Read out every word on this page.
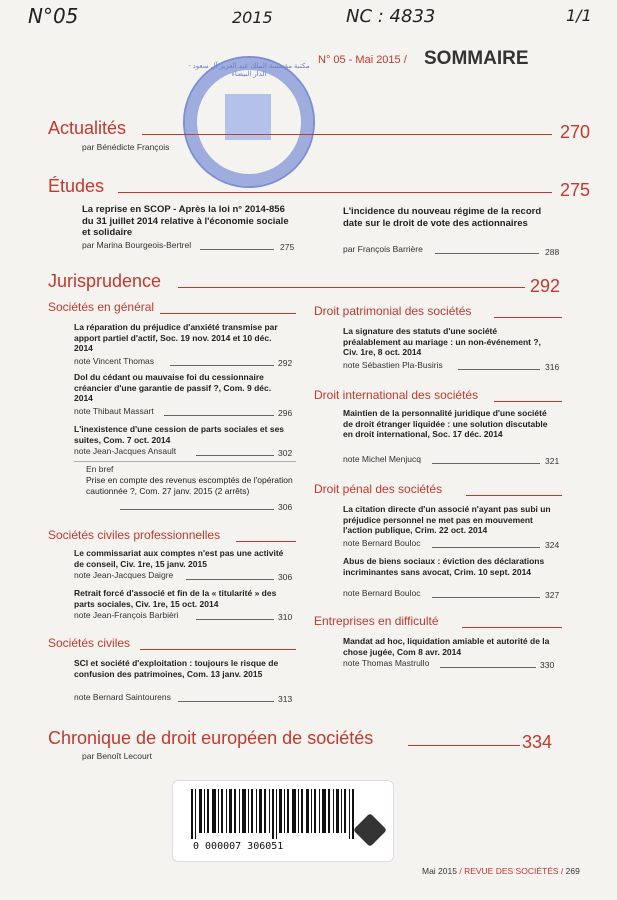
N°05	2015	NC : 4833	1/1
N° 05 - Mai 2015 / SOMMAIRE
مكتبة مؤسسة الملك عبد العزيز آل سعود - الدار البيضاء
Actualités	270
par Bénédicte François
Études	275
La reprise en SCOP - Après la loi n° 2014-856 du 31 juillet 2014 relative à l'économie sociale et solidaire
par Marina Bourgeois-Bertrel	275
L'incidence du nouveau régime de la record date sur le droit de vote des actionnaires
par François Barrière	288
Jurisprudence	292
Sociétés en général
La réparation du préjudice d'anxiété transmise par apport partiel d'actif, Soc. 19 nov. 2014 et 10 déc. 2014
note Vincent Thomas	292
Dol du cédant ou mauvaise foi du cessionnaire créancier d'une garantie de passif ?, Com. 9 déc. 2014
note Thibaut Massart	296
L'inexistence d'une cession de parts sociales et ses suites, Com. 7 oct. 2014
note Jean-Jacques Ansault	302
En bref
Prise en compte des revenus escomptés de l'opération cautionnée ?, Com. 27 janv. 2015 (2 arrêts)
306
Sociétés civiles professionnelles
Le commissariat aux comptes n'est pas une activité de conseil, Civ. 1re, 15 janv. 2015
note Jean-Jacques Daigre	306
Retrait forcé d'associé et fin de la « titularité » des parts sociales, Civ. 1re, 15 oct. 2014
note Jean-François Barbièri	310
Sociétés civiles
SCI et société d'exploitation : toujours le risque de confusion des patrimoines, Com. 13 janv. 2015
note Bernard Saintourens	313
Droit patrimonial des sociétés
La signature des statuts d'une société préalablement au mariage : un non-événement ?, Civ. 1re, 8 oct. 2014
note Sébastien Pla-Busiris	316
Droit international des sociétés
Maintien de la personnalité juridique d'une société de droit étranger liquidée : une solution discutable en droit international, Soc. 17 déc. 2014
note Michel Menjucq	321
Droit pénal des sociétés
La citation directe d'un associé n'ayant pas subi un préjudice personnel ne met pas en mouvement l'action publique, Crim. 22 oct. 2014
note Bernard Bouloc	324
Abus de biens sociaux : éviction des déclarations incriminantes sans avocat, Crim. 10 sept. 2014
note Bernard Bouloc	327
Entreprises en difficulté
Mandat ad hoc, liquidation amiable et autorité de la chose jugée, Com 8 avr. 2014
note Thomas Mastrullo	330
Chronique de droit européen de sociétés	334
par Benoît Lecourt
0 000007 306051
Mai 2015 / REVUE DES SOCIÉTÉS / 269
